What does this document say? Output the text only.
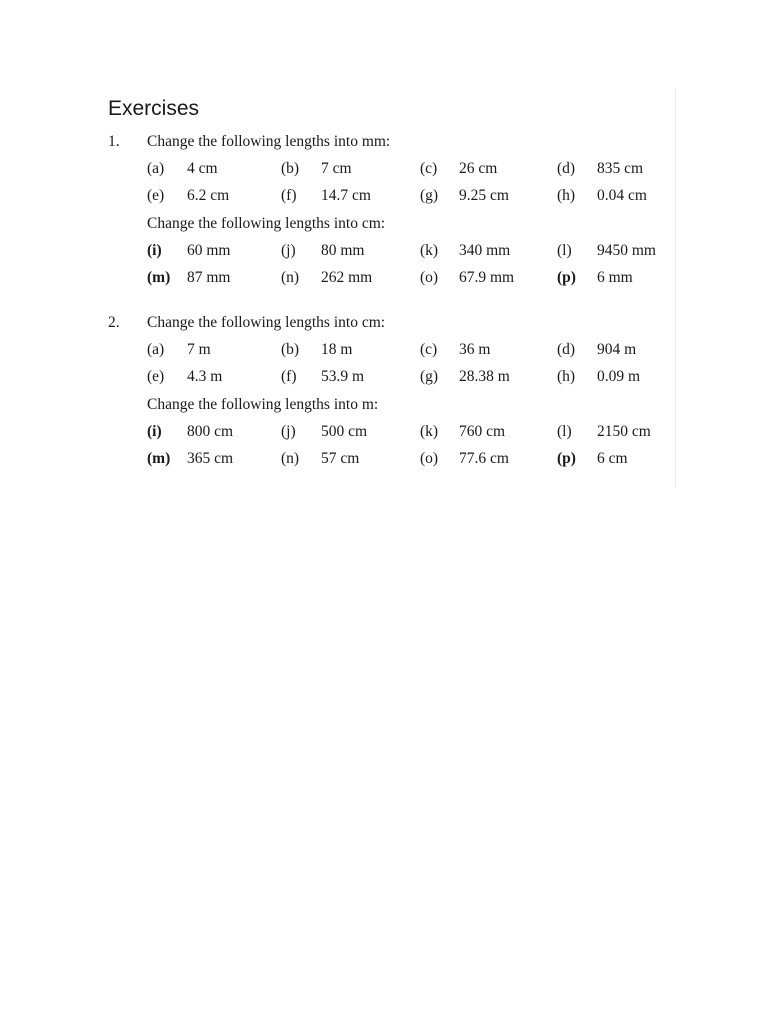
Exercises
1. Change the following lengths into mm:
(a) 4 cm	(b) 7 cm	(c) 26 cm	(d) 835 cm
(e) 6.2 cm	(f) 14.7 cm	(g) 9.25 cm	(h) 0.04 cm
Change the following lengths into cm:
(i) 60 mm	(j) 80 mm	(k) 340 mm	(l) 9450 mm
(m) 87 mm	(n) 262 mm	(o) 67.9 mm	(p) 6 mm
2. Change the following lengths into cm:
(a) 7 m	(b) 18 m	(c) 36 m	(d) 904 m
(e) 4.3 m	(f) 53.9 m	(g) 28.38 m	(h) 0.09 m
Change the following lengths into m:
(i) 800 cm	(j) 500 cm	(k) 760 cm	(l) 2150 cm
(m) 365 cm	(n) 57 cm	(o) 77.6 cm	(p) 6 cm
